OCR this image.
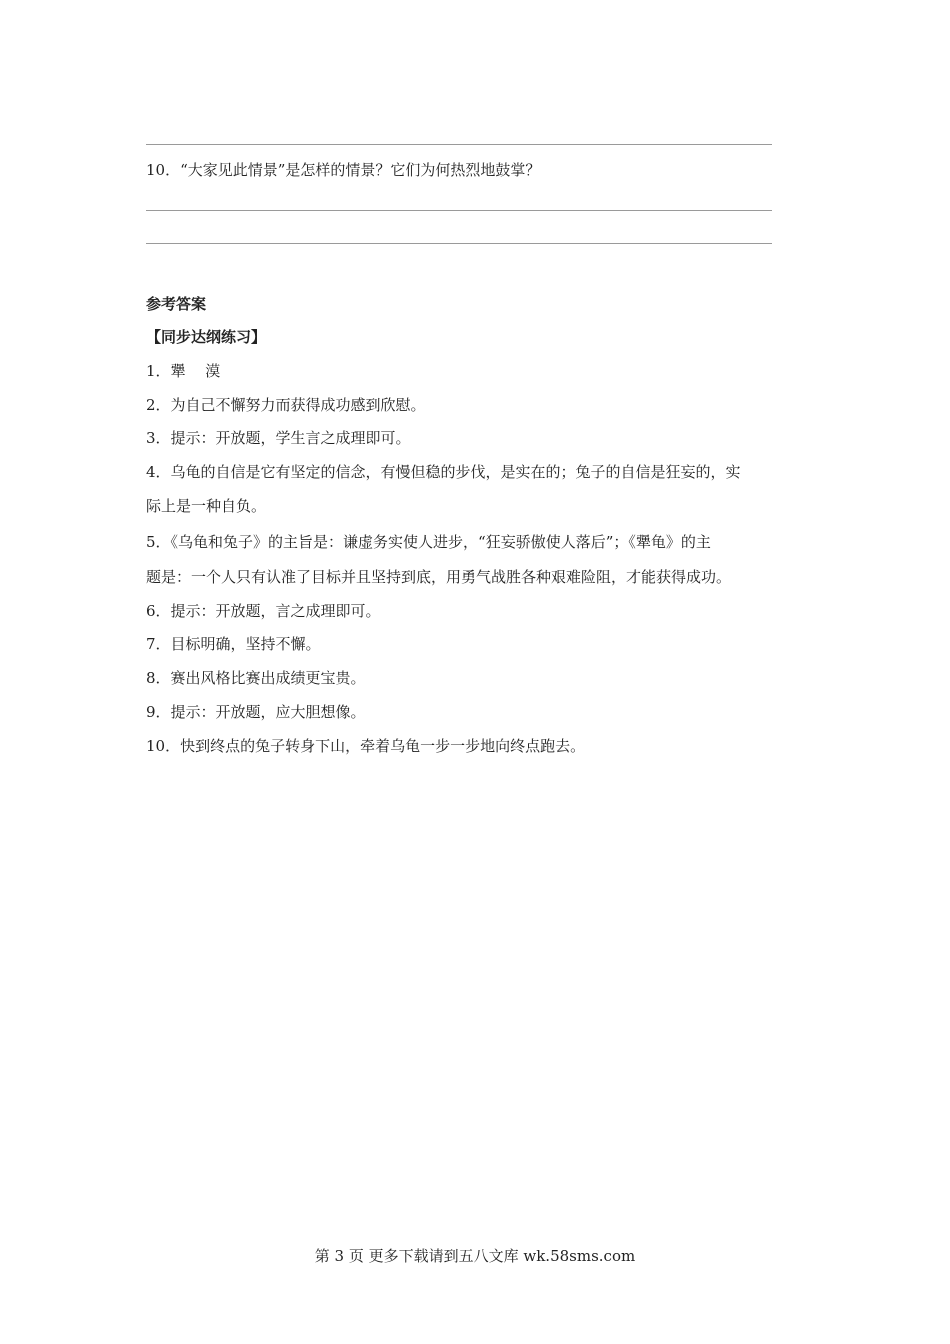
10．“大家见此情景”是怎样的情景？它们为何热烈地鼓掌？
参考答案
【同步达纲练习】
1．犟　 漠
2．为自己不懈努力而获得成功感到欣慰。
3．提示：开放题，学生言之成理即可。
4．乌龟的自信是它有坚定的信念，有慢但稳的步伐，是实在的；兔子的自信是狂妄的，实
际上是一种自负。
5．《乌龟和兔子》的主旨是：谦虚务实使人进步，“狂妄骄傲使人落后”；《犟龟》的主
题是：一个人只有认准了目标并且坚持到底，用勇气战胜各种艰难险阻，才能获得成功。
6．提示：开放题，言之成理即可。
7．目标明确，坚持不懈。
8．赛出风格比赛出成绩更宝贵。
9．提示：开放题，应大胆想像。
10．快到终点的兔子转身下山，牵着乌龟一步一步地向终点跑去。
第 3 页 更多下载请到五八文库 wk.58sms.com
